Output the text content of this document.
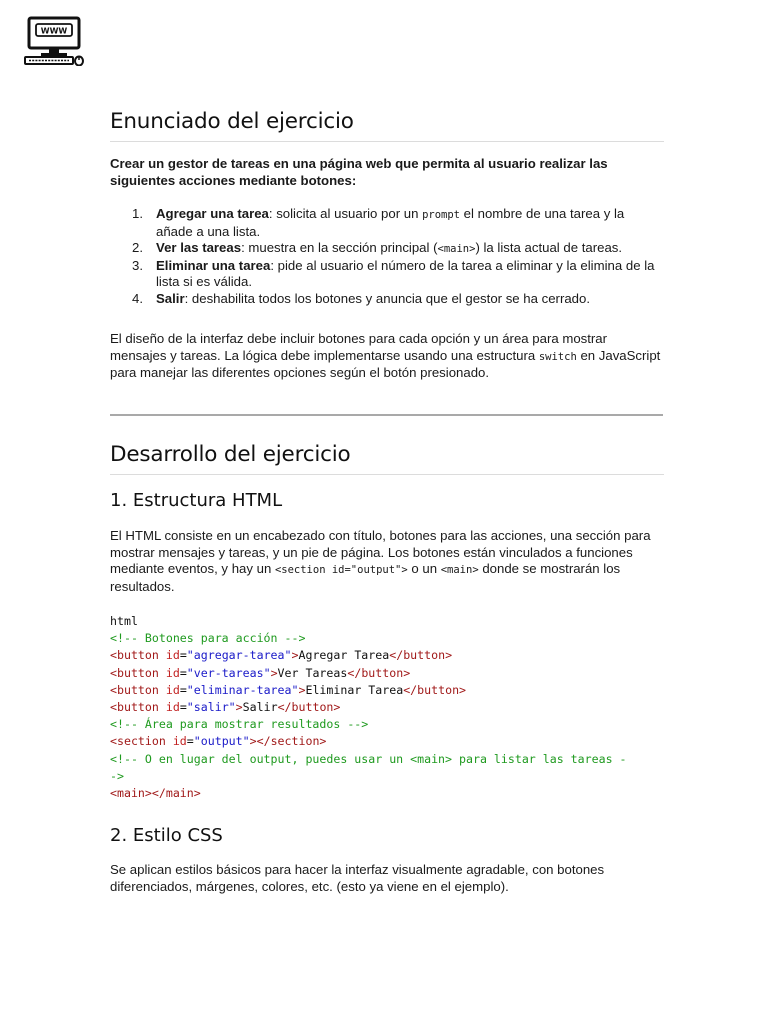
WWW
Enunciado del ejercicio

Crear un gestor de tareas en una página web que permita al usuario realizar las siguientes acciones mediante botones:

1. Agregar una tarea: solicita al usuario por un prompt el nombre de una tarea y la añade a una lista.
2. Ver las tareas: muestra en la sección principal (<main>) la lista actual de tareas.
3. Eliminar una tarea: pide al usuario el número de la tarea a eliminar y la elimina de la lista si es válida.
4. Salir: deshabilita todos los botones y anuncia que el gestor se ha cerrado.

El diseño de la interfaz debe incluir botones para cada opción y un área para mostrar mensajes y tareas. La lógica debe implementarse usando una estructura switch en JavaScript para manejar las diferentes opciones según el botón presionado.

Desarrollo del ejercicio
1. Estructura HTML

El HTML consiste en un encabezado con título, botones para las acciones, una sección para mostrar mensajes y tareas, y un pie de página. Los botones están vinculados a funciones mediante eventos, y hay un <section id="output"> o un <main> donde se mostrarán los resultados.

html
<!-- Botones para acción -->
<button id="agregar-tarea">Agregar Tarea</button>
<button id="ver-tareas">Ver Tareas</button>
<button id="eliminar-tarea">Eliminar Tarea</button>
<button id="salir">Salir</button>
<!-- Área para mostrar resultados -->
<section id="output"></section>
<!-- O en lugar del output, puedes usar un <main> para listar las tareas -
->
<main></main>
2. Estilo CSS

Se aplican estilos básicos para hacer la interfaz visualmente agradable, con botones diferenciados, márgenes, colores, etc. (esto ya viene en el ejemplo).
